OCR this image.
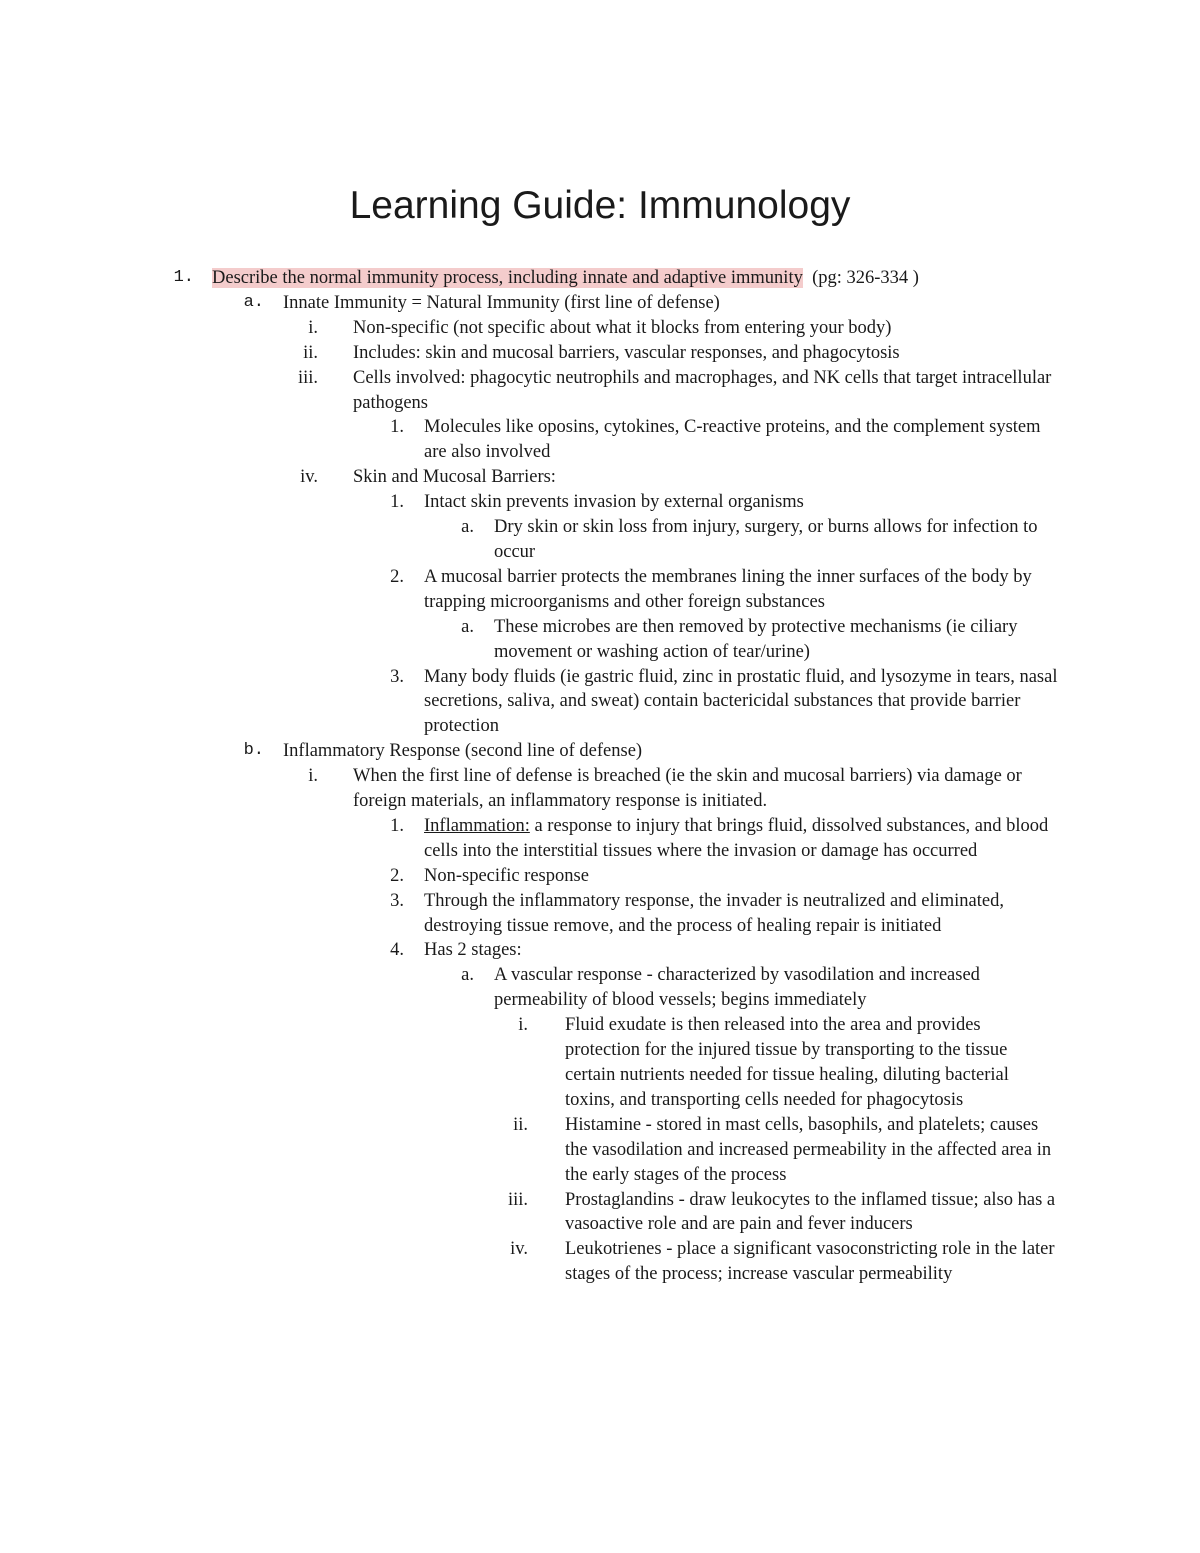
Learning Guide: Immunology
1. Describe the normal immunity process, including innate and adaptive immunity (pg: 326-334 )
a. Innate Immunity = Natural Immunity (first line of defense)
i. Non-specific (not specific about what it blocks from entering your body)
ii. Includes: skin and mucosal barriers, vascular responses, and phagocytosis
iii. Cells involved: phagocytic neutrophils and macrophages, and NK cells that target intracellular pathogens
1. Molecules like oposins, cytokines, C-reactive proteins, and the complement system are also involved
iv. Skin and Mucosal Barriers:
1. Intact skin prevents invasion by external organisms
a. Dry skin or skin loss from injury, surgery, or burns allows for infection to occur
2. A mucosal barrier protects the membranes lining the inner surfaces of the body by trapping microorganisms and other foreign substances
a. These microbes are then removed by protective mechanisms (ie ciliary movement or washing action of tear/urine)
3. Many body fluids (ie gastric fluid, zinc in prostatic fluid, and lysozyme in tears, nasal secretions, saliva, and sweat) contain bactericidal substances that provide barrier protection
b. Inflammatory Response (second line of defense)
i. When the first line of defense is breached (ie the skin and mucosal barriers) via damage or foreign materials, an inflammatory response is initiated.
1. Inflammation: a response to injury that brings fluid, dissolved substances, and blood cells into the interstitial tissues where the invasion or damage has occurred
2. Non-specific response
3. Through the inflammatory response, the invader is neutralized and eliminated, destroying tissue remove, and the process of healing repair is initiated
4. Has 2 stages:
a. A vascular response - characterized by vasodilation and increased permeability of blood vessels; begins immediately
i. Fluid exudate is then released into the area and provides protection for the injured tissue by transporting to the tissue certain nutrients needed for tissue healing, diluting bacterial toxins, and transporting cells needed for phagocytosis
ii. Histamine - stored in mast cells, basophils, and platelets; causes the vasodilation and increased permeability in the affected area in the early stages of the process
iii. Prostaglandins - draw leukocytes to the inflamed tissue; also has a vasoactive role and are pain and fever inducers
iv. Leukotrienes - place a significant vasoconstricting role in the later stages of the process; increase vascular permeability
